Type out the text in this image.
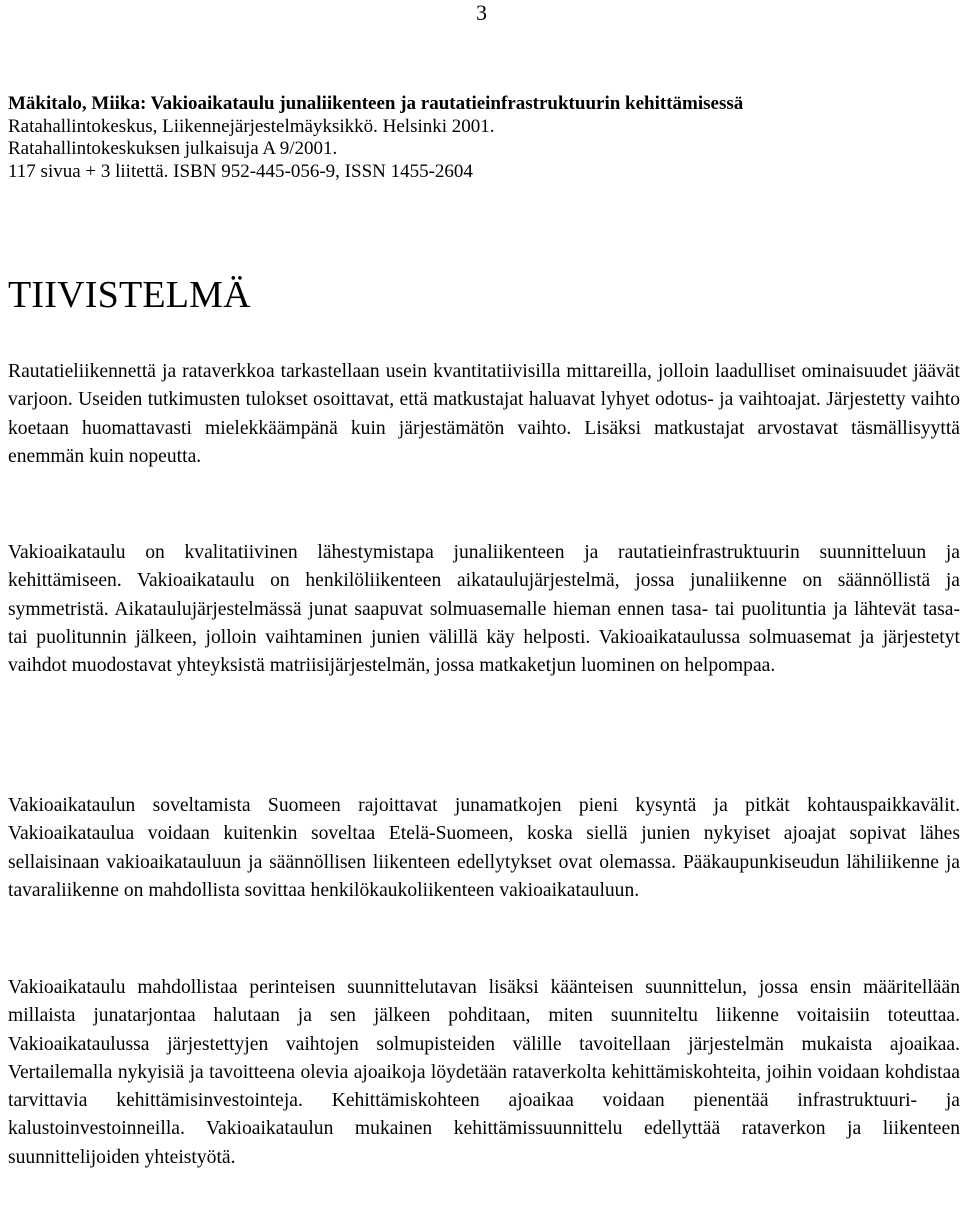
3
Mäkitalo, Miika: Vakioaikataulu junaliikenteen ja rautatieinfrastruktuurin kehittämisessä
Ratahallintokeskus, Liikennejärjestelmäyksikkö. Helsinki 2001.
Ratahallintokeskuksen julkaisuja A 9/2001.
117 sivua + 3 liitettä. ISBN 952-445-056-9, ISSN 1455-2604
TIIVISTELMÄ

Rautatieliikennettä ja rataverkkoa tarkastellaan usein kvantitatiivisilla mittareilla, jolloin laadulliset ominaisuudet jäävät varjoon. Useiden tutkimusten tulokset osoittavat, että matkustajat haluavat lyhyet odotus- ja vaihtoajat. Järjestetty vaihto koetaan huomattavasti mielekkäämpänä kuin järjestämätön vaihto. Lisäksi matkustajat arvostavat täsmällisyyttä enemmän kuin nopeutta.

Vakioaikataulu on kvalitatiivinen lähestymistapa junaliikenteen ja rautatieinfrastruktuurin suunnitteluun ja kehittämiseen. Vakioaikataulu on henkilöliikenteen aikataulujärjestelmä, jossa junaliikenne on säännöllistä ja symmetristä. Aikataulujärjestelmässä junat saapuvat solmuasemalle hieman ennen tasa- tai puolituntia ja lähtevät tasa- tai puolitunnin jälkeen, jolloin vaihtaminen junien välillä käy helposti. Vakioaikataulussa solmuasemat ja järjestetyt vaihdot muodostavat yhteyksistä matriisijärjestelmän, jossa matkaketjun luominen on helpompaa.

Vakioaikataulun soveltamista Suomeen rajoittavat junamatkojen pieni kysyntä ja pitkät kohtauspaikkavälit. Vakioaikataulua voidaan kuitenkin soveltaa Etelä-Suomeen, koska siellä junien nykyiset ajoajat sopivat lähes sellaisinaan vakioaikatauluun ja säännöllisen liikenteen edellytykset ovat olemassa. Pääkaupunkiseudun lähiliikenne ja tavaraliikenne on mahdollista sovittaa henkilökaukoliikenteen vakioaikatauluun.

Vakioaikataulu mahdollistaa perinteisen suunnittelutavan lisäksi käänteisen suunnittelun, jossa ensin määritellään millaista junatarjontaa halutaan ja sen jälkeen pohditaan, miten suunniteltu liikenne voitaisiin toteuttaa. Vakioaikataulussa järjestettyjen vaihtojen solmupisteiden välille tavoitellaan järjestelmän mukaista ajoaikaa. Vertailemalla nykyisiä ja tavoitteena olevia ajoaikoja löydetään rataverkolta kehittämiskohteita, joihin voidaan kohdistaa tarvittavia kehittämisinvestointeja. Kehittämiskohteen ajoaikaa voidaan pienentää infrastruktuuri- ja kalustoinvestoinneilla. Vakioaikataulun mukainen kehittämissuunnittelu edellyttää rataverkon ja liikenteen suunnittelijoiden yhteistyötä.
